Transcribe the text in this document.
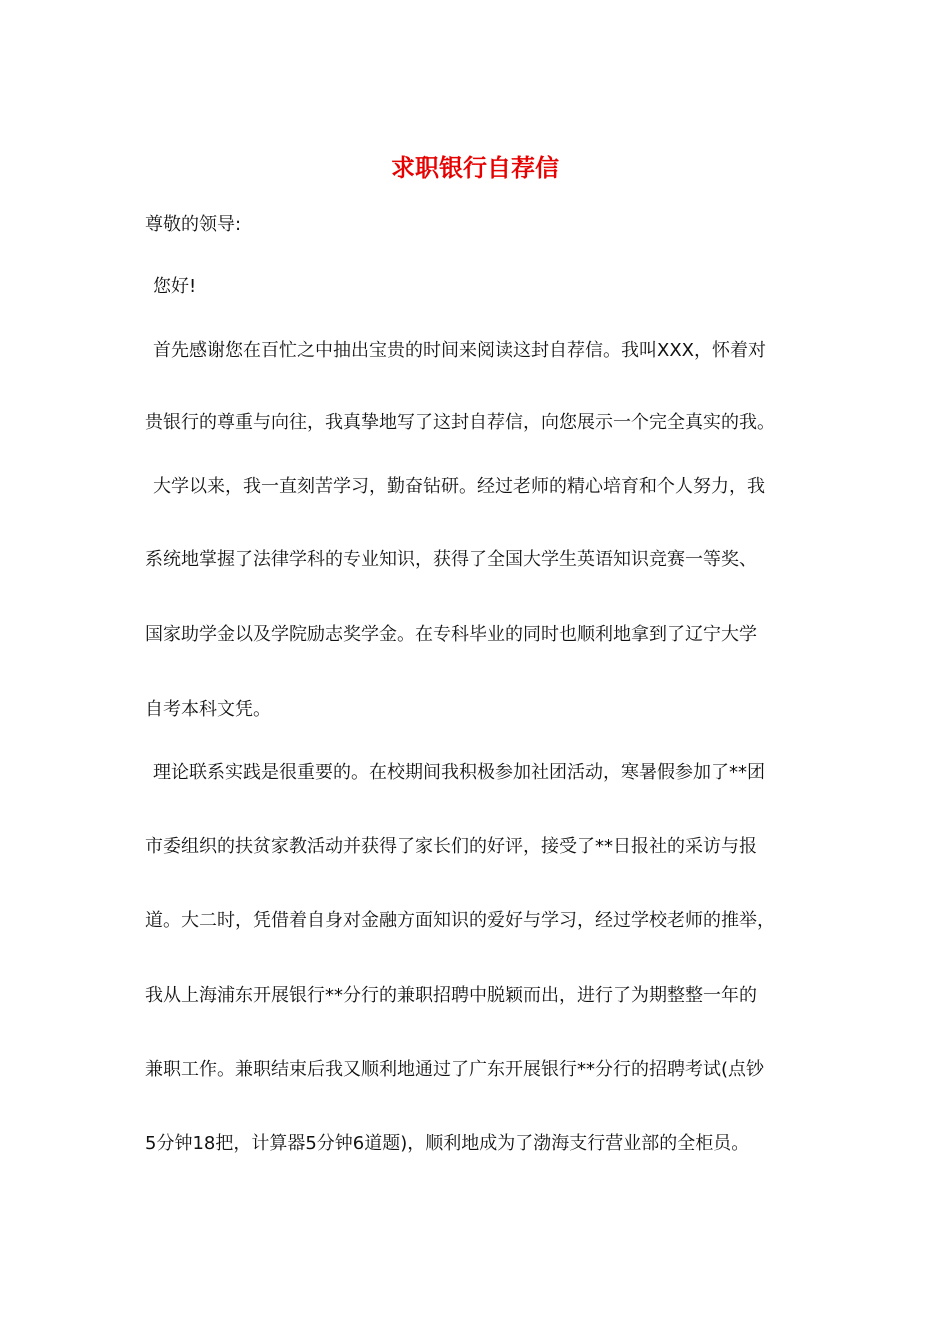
求职银行自荐信
尊敬的领导:
您好!
首先感谢您在百忙之中抽出宝贵的时间来阅读这封自荐信。我叫XXX，怀着对
贵银行的尊重与向往，我真挚地写了这封自荐信，向您展示一个完全真实的我。
大学以来，我一直刻苦学习，勤奋钻研。经过老师的精心培育和个人努力，我
系统地掌握了法律学科的专业知识，获得了全国大学生英语知识竞赛一等奖、
国家助学金以及学院励志奖学金。在专科毕业的同时也顺利地拿到了辽宁大学
自考本科文凭。
理论联系实践是很重要的。在校期间我积极参加社团活动，寒暑假参加了**团
市委组织的扶贫家教活动并获得了家长们的好评，接受了**日报社的采访与报
道。大二时，凭借着自身对金融方面知识的爱好与学习，经过学校老师的推举，
我从上海浦东开展银行**分行的兼职招聘中脱颖而出，进行了为期整整一年的
兼职工作。兼职结束后我又顺利地通过了广东开展银行**分行的招聘考试(点钞
5分钟18把，计算器5分钟6道题)，顺利地成为了渤海支行营业部的全柜员。
